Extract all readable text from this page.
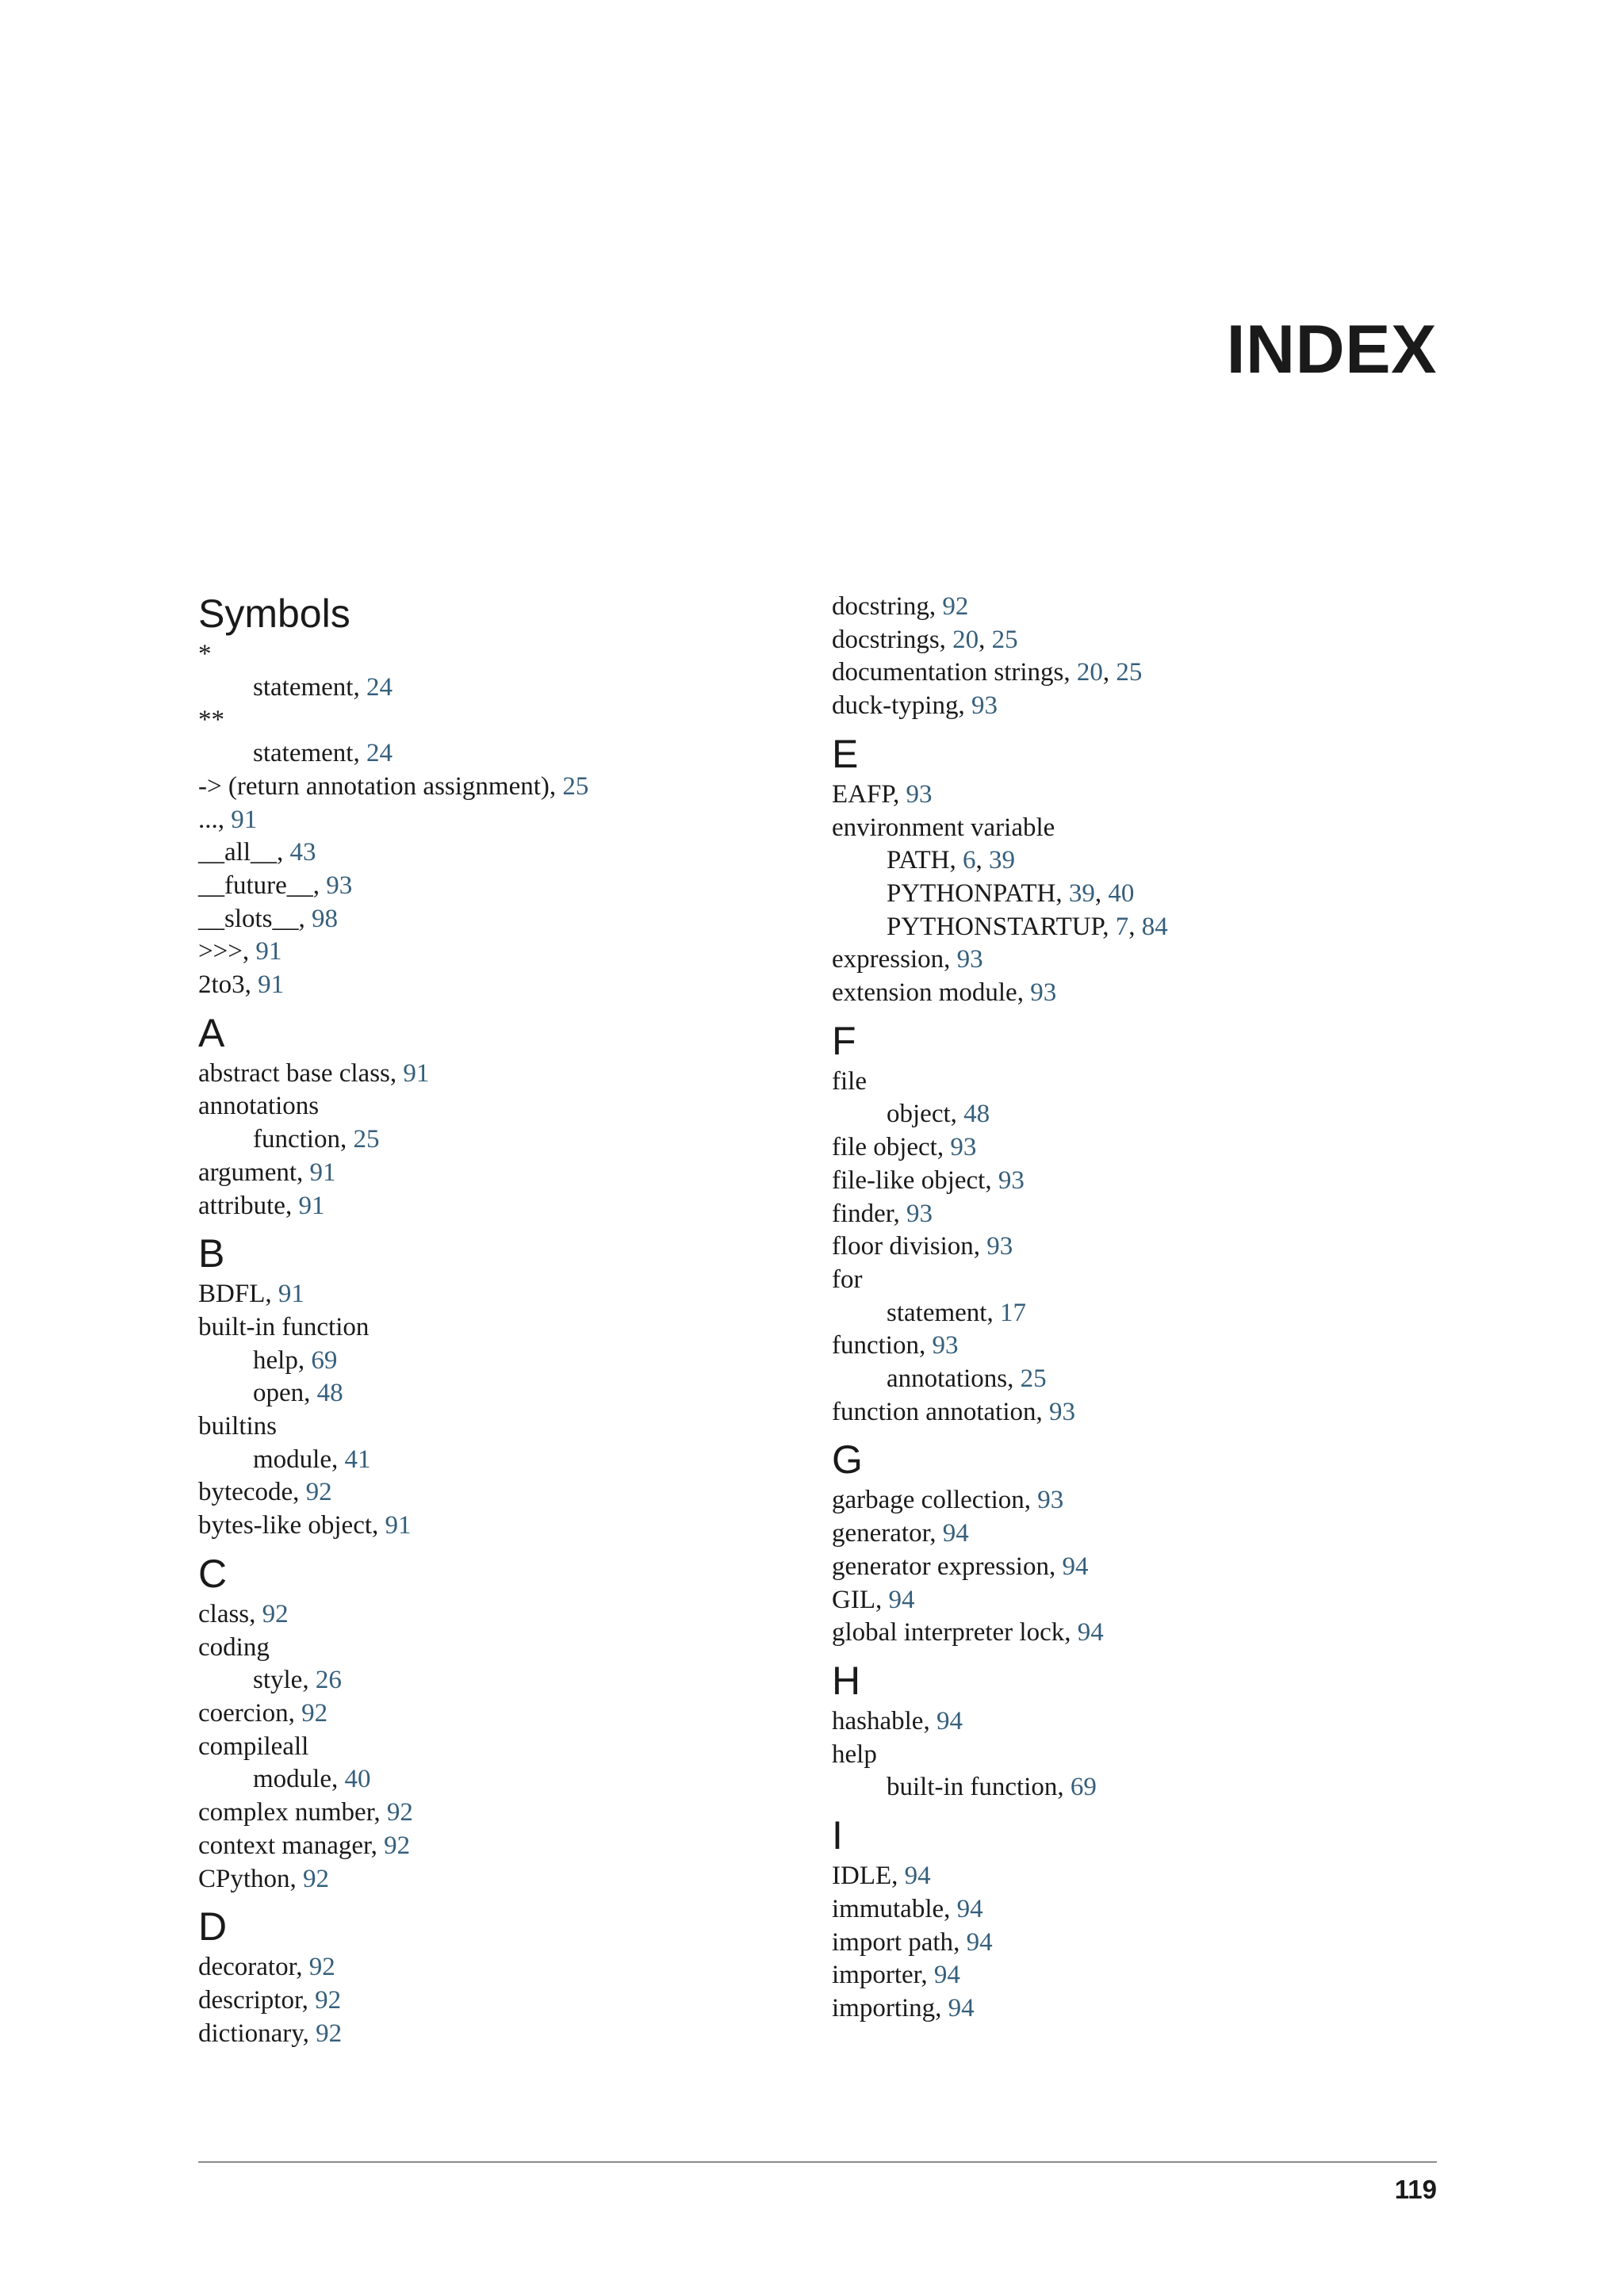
INDEX
Symbols
*
statement, 24
**
statement, 24
-> (return annotation assignment), 25
..., 91
__all__, 43
__future__, 93
__slots__, 98
>>>, 91
2to3, 91
A
abstract base class, 91
annotations
function, 25
argument, 91
attribute, 91
B
BDFL, 91
built-in function
help, 69
open, 48
builtins
module, 41
bytecode, 92
bytes-like object, 91
C
class, 92
coding
style, 26
coercion, 92
compileall
module, 40
complex number, 92
context manager, 92
CPython, 92
D
decorator, 92
descriptor, 92
dictionary, 92
docstring, 92
docstrings, 20, 25
documentation strings, 20, 25
duck-typing, 93
E
EAFP, 93
environment variable
PATH, 6, 39
PYTHONPATH, 39, 40
PYTHONSTARTUP, 7, 84
expression, 93
extension module, 93
F
file
object, 48
file object, 93
file-like object, 93
finder, 93
floor division, 93
for
statement, 17
function, 93
annotations, 25
function annotation, 93
G
garbage collection, 93
generator, 94
generator expression, 94
GIL, 94
global interpreter lock, 94
H
hashable, 94
help
built-in function, 69
I
IDLE, 94
immutable, 94
import path, 94
importer, 94
importing, 94
119
